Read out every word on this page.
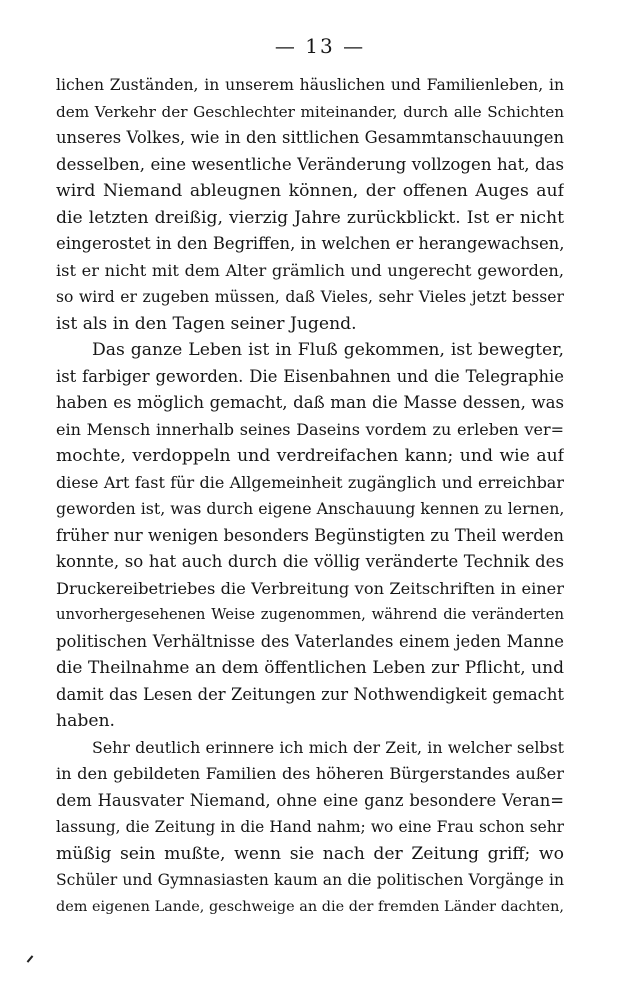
— 13 —
lichen Zuständen, in unserem häuslichen und Familienleben, in
dem Verkehr der Geschlechter miteinander, durch alle Schichten
unseres Volkes, wie in den sittlichen Gesammtanschauungen
desselben, eine wesentliche Veränderung vollzogen hat, das
wird Niemand ableugnen können, der offenen Auges auf
die letzten dreißig, vierzig Jahre zurückblickt. Ist er nicht
eingerostet in den Begriffen, in welchen er herangewachsen,
ist er nicht mit dem Alter grämlich und ungerecht geworden,
so wird er zugeben müssen, daß Vieles, sehr Vieles jetzt besser
ist als in den Tagen seiner Jugend.
Das ganze Leben ist in Fluß gekommen, ist bewegter,
ist farbiger geworden. Die Eisenbahnen und die Telegraphie
haben es möglich gemacht, daß man die Masse dessen, was
ein Mensch innerhalb seines Daseins vordem zu erleben ver=
mochte, verdoppeln und verdreifachen kann; und wie auf
diese Art fast für die Allgemeinheit zugänglich und erreichbar
geworden ist, was durch eigene Anschauung kennen zu lernen,
früher nur wenigen besonders Begünstigten zu Theil werden
konnte, so hat auch durch die völlig veränderte Technik des
Druckereibetriebes die Verbreitung von Zeitschriften in einer
unvorhergesehenen Weise zugenommen, während die veränderten
politischen Verhältnisse des Vaterlandes einem jeden Manne
die Theilnahme an dem öffentlichen Leben zur Pflicht, und
damit das Lesen der Zeitungen zur Nothwendigkeit gemacht
haben.
Sehr deutlich erinnere ich mich der Zeit, in welcher selbst
in den gebildeten Familien des höheren Bürgerstandes außer
dem Hausvater Niemand, ohne eine ganz besondere Veran=
lassung, die Zeitung in die Hand nahm; wo eine Frau schon sehr
müßig sein mußte, wenn sie nach der Zeitung griff; wo
Schüler und Gymnasiasten kaum an die politischen Vorgänge in
dem eigenen Lande, geschweige an die der fremden Länder dachten,
